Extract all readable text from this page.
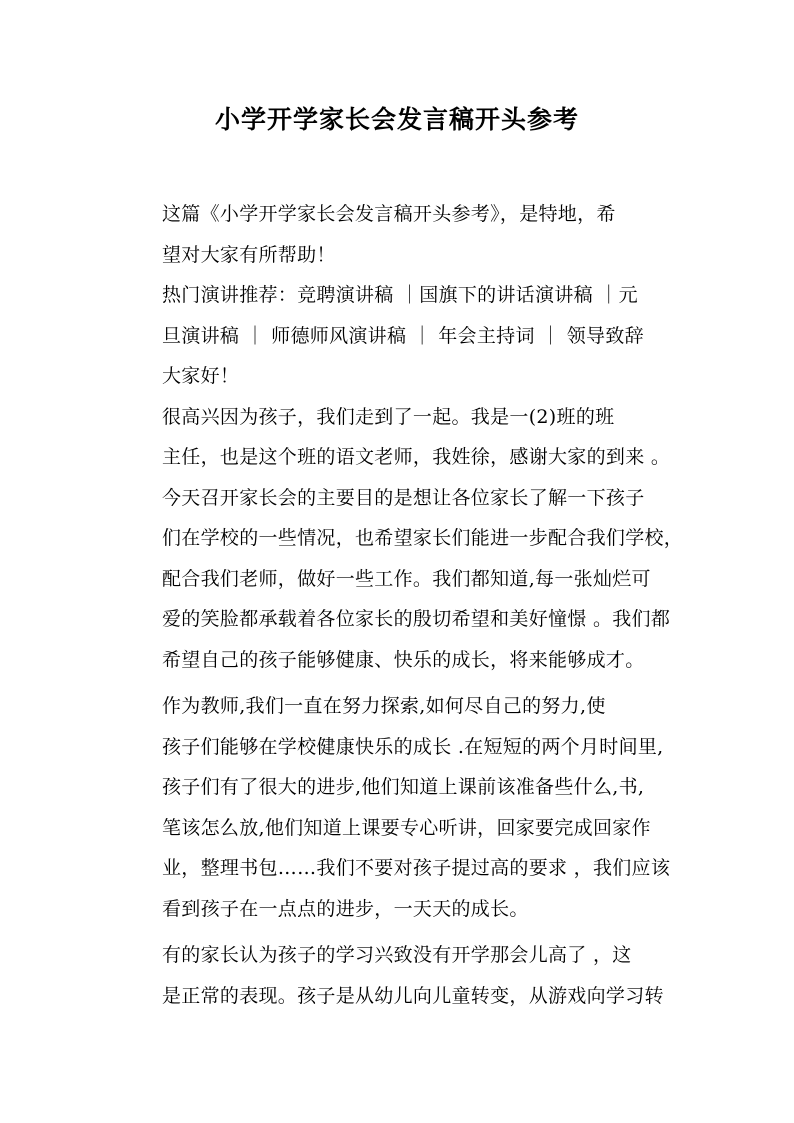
小学开学家长会发言稿开头参考

这篇《小学开学家长会发言稿开头参考》，是特地，希
望对大家有所帮助！

热门演讲推荐：竞聘演讲稿 ｜国旗下的讲话演讲稿 ｜元
旦演讲稿 ｜ 师德师风演讲稿 ｜ 年会主持词 ｜ 领导致辞

大家好！

很高兴因为孩子，我们走到了一起。我是一(2)班的班
主任，也是这个班的语文老师，我姓徐，感谢大家的到来 。
今天召开家长会的主要目的是想让各位家长了解一下孩子
们在学校的一些情况，也希望家长们能进一步配合我们学校，
配合我们老师，做好一些工作。我们都知道,每一张灿烂可
爱的笑脸都承载着各位家长的殷切希望和美好憧憬 。我们都
希望自己的孩子能够健康、快乐的成长，将来能够成才。

作为教师,我们一直在努力探索,如何尽自己的努力,使
孩子们能够在学校健康快乐的成长 .在短短的两个月时间里,
孩子们有了很大的进步,他们知道上课前该准备些什么,书,
笔该怎么放,他们知道上课要专心听讲，回家要完成回家作
业，整理书包……我们不要对孩子提过高的要求 ，我们应该
看到孩子在一点点的进步，一天天的成长。

有的家长认为孩子的学习兴致没有开学那会儿高了 ，这
是正常的表现。孩子是从幼儿向儿童转变，从游戏向学习转
